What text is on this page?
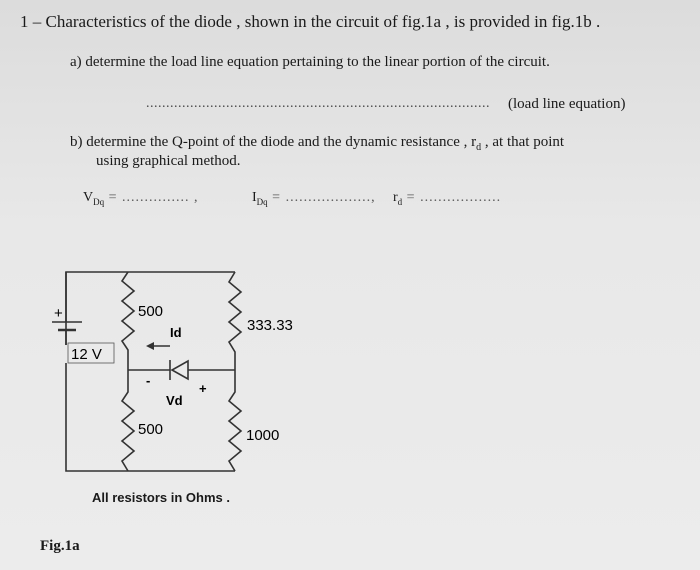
1 – Characteristics of the diode , shown in the circuit of fig.1a , is provided in fig.1b .
a) determine the load line equation pertaining to the linear portion of the circuit.
...................................................................................... (load line equation)
b) determine the Q-point of the diode and the dynamic resistance , $r_d$ , at that point
using graphical method.
$V_{Dq}$ = ............... ,	$I_{Dq}$ = ..................., $r_d$ = ..................
+
12 V
500
Id
-
+
Vd
500
333.33
1000
All resistors in Ohms .
Fig.1a
